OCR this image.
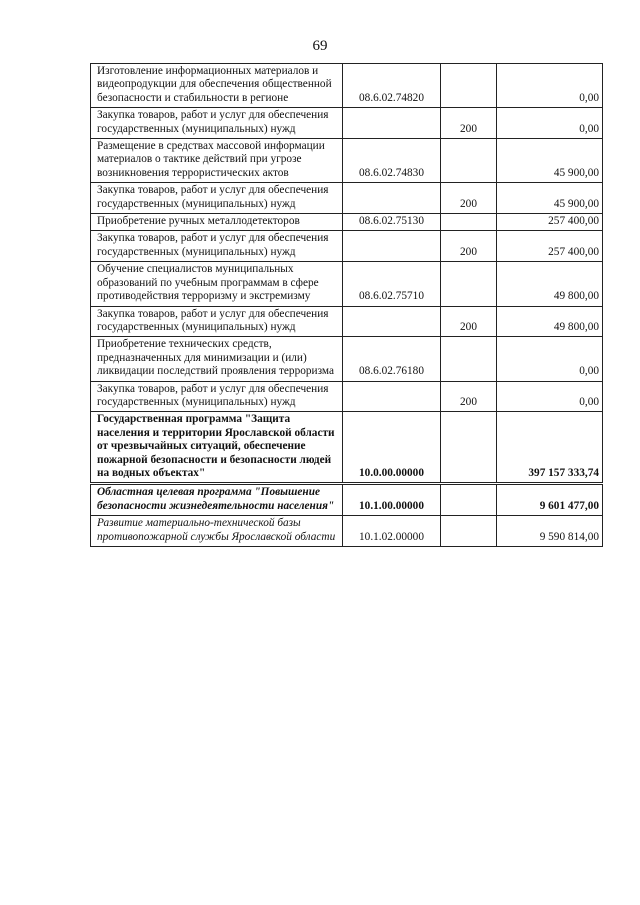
69
Изготовление информационных материалов и видеопродукции для обеспечения общественной безопасности и стабильности в регионе	08.6.02.74820		0,00
Закупка товаров, работ и услуг для обеспечения государственных (муниципальных) нужд		200	0,00
Размещение в средствах массовой информации материалов о тактике действий при угрозе возникновения террористических актов	08.6.02.74830		45 900,00
Закупка товаров, работ и услуг для обеспечения государственных (муниципальных) нужд		200	45 900,00
Приобретение ручных металлодетекторов	08.6.02.75130		257 400,00
Закупка товаров, работ и услуг для обеспечения государственных (муниципальных) нужд		200	257 400,00
Обучение специалистов муниципальных образований по учебным программам в сфере противодействия терроризму и экстремизму	08.6.02.75710		49 800,00
Закупка товаров, работ и услуг для обеспечения государственных (муниципальных) нужд		200	49 800,00
Приобретение технических средств, предназначенных для минимизации и (или) ликвидации последствий проявления терроризма	08.6.02.76180		0,00
Закупка товаров, работ и услуг для обеспечения государственных (муниципальных) нужд		200	0,00
Государственная программа "Защита населения и территории Ярославской области от чрезвычайных ситуаций, обеспечение пожарной безопасности и безопасности людей на водных объектах"	10.0.00.00000		397 157 333,74
Областная целевая программа "Повышение безопасности жизнедеятельности населения"	10.1.00.00000		9 601 477,00
Развитие материально-технической базы противопожарной службы Ярославской области	10.1.02.00000		9 590 814,00
